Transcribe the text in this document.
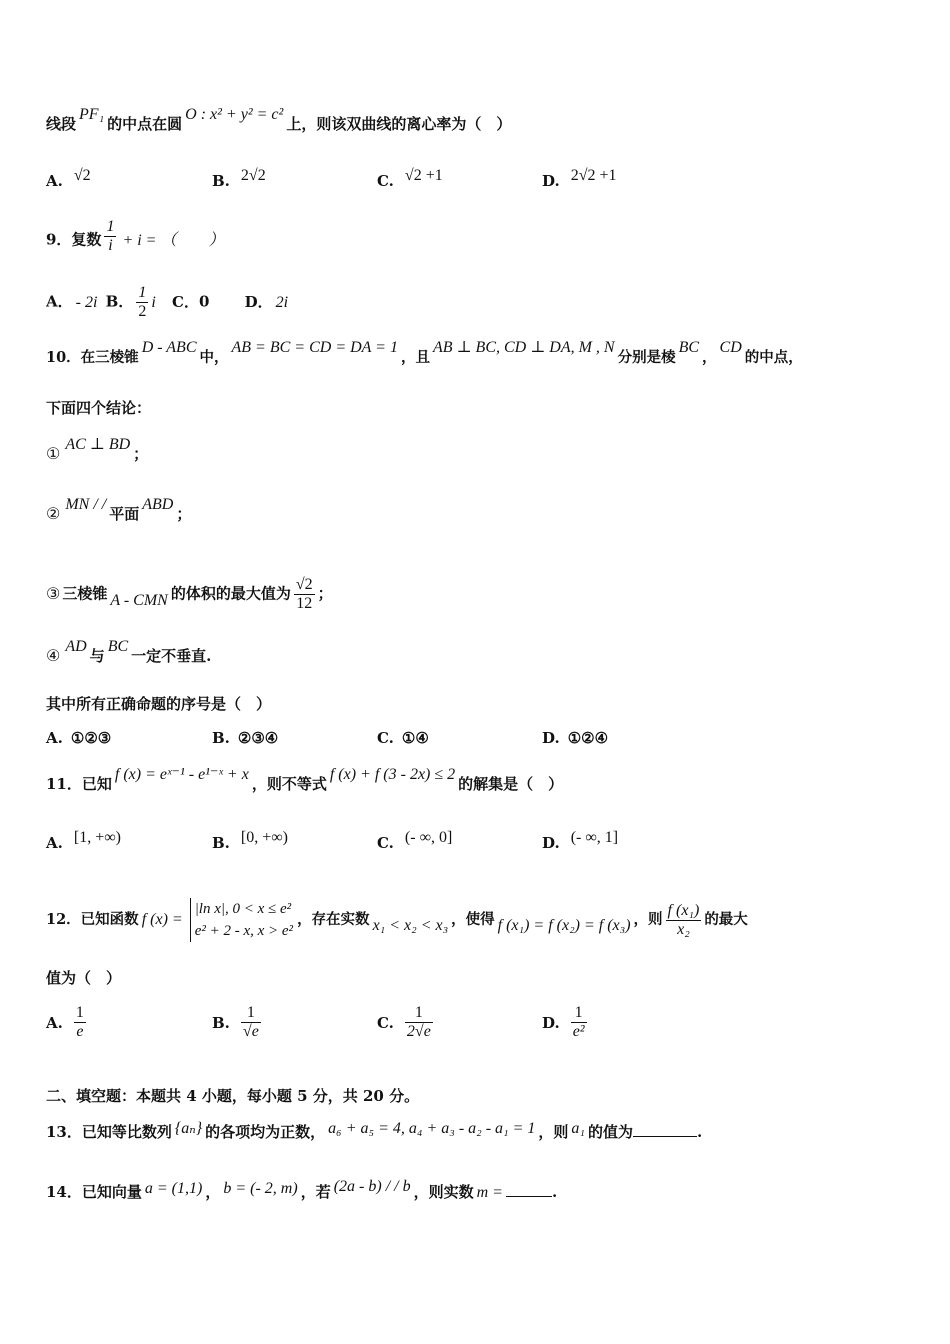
线段PF₁的中点在圆O : x² + y² = c²上，则该双曲线的离心率为（　）
A. √2	B. 2√2	C. √2 +1	D. 2√2 +1
9．复数 $\frac{1}{i} + i$ = （　　）
A． - 2i B． $\frac{1}{2}$ i C．0 D． 2i
10．在三棱锥D - ABC中，AB = BC = CD = DA = 1，且AB ⊥ BC, CD ⊥ DA, M , N分别是棱BC，CD的中点，
下面四个结论：
① AC ⊥ BD；
② MN / /平面ABD；
③ 三棱锥 A - CMN 的体积的最大值为 $\frac{√2}{12}$ ；
④ AD与BC一定不垂直.
其中所有正确命题的序号是（　）
A. ①②③	B. ②③④	C. ①④	D. ①②④
11．已知f (x) = eˣ⁻¹ - e¹⁻ˣ + x，则不等式f (x) + f (3 - 2x) ≤ 2的解集是（　）
A. [1, +∞)	B. [0, +∞)	C. (- ∞, 0]	D. (- ∞, 1]
12．已知函数 f (x) =
|ln x|, 0 < x ≤ e²
e² + 2 - x, x > e²
，存在实数 x₁ < x₂ < x₃ ，使得 f (x₁) = f (x₂) = f (x₃) ，则 $\frac{\text{f (x₁)}}{\text{x₂}}$ 的最大
值为（　）
A. $\frac{1}{e}$	B. $\frac{1}{√e}$	C. $\frac{1}{2√e}$	D. $\frac{1}{\text{e²}}$
二、填空题：本题共 4 小题，每小题 5 分，共 20 分。
13．已知等比数列 {aₙ} 的各项均为正数， a₆ + a₅ = 4, a₄ + a₃ - a₂ - a₁ = 1 ，则 a₁ 的值为	.
14．已知向量 a = (1,1) ， b = (- 2, m) ，若 (2a - b) / / b ，则实数 m =	.
